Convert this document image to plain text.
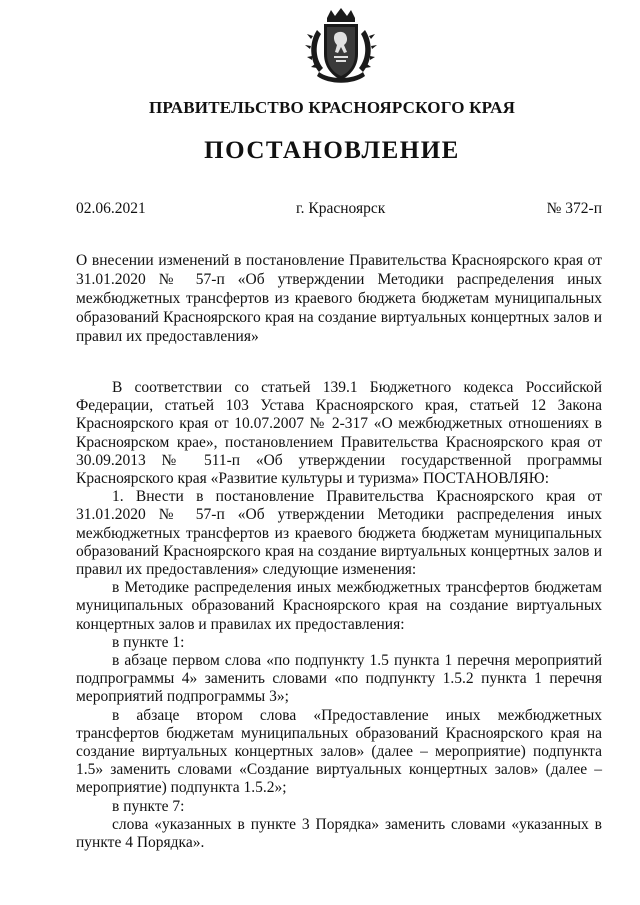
ПРАВИТЕЛЬСТВО КРАСНОЯРСКОГО КРАЯ
ПОСТАНОВЛЕНИЕ
02.06.2021	г. Красноярск	№ 372-п
О внесении изменений в постановление Правительства Красноярского края от 31.01.2020 № 57-п «Об утверждении Методики распределения иных межбюджетных трансфертов из краевого бюджета бюджетам муниципальных образований Красноярского края на создание виртуальных концертных залов и правил их предоставления»

В соответствии со статьей 139.1 Бюджетного кодекса Российской Федерации, статьей 103 Устава Красноярского края, статьей 12 Закона Красноярского края от 10.07.2007 № 2-317 «О межбюджетных отношениях в Красноярском крае», постановлением Правительства Красноярского края от 30.09.2013 № 511-п «Об утверждении государственной программы Красноярского края «Развитие культуры и туризма» ПОСТАНОВЛЯЮ:

1. Внести в постановление Правительства Красноярского края от 31.01.2020 № 57-п «Об утверждении Методики распределения иных межбюджетных трансфертов из краевого бюджета бюджетам муниципальных образований Красноярского края на создание виртуальных концертных залов и правил их предоставления» следующие изменения:

в Методике распределения иных межбюджетных трансфертов бюджетам муниципальных образований Красноярского края на создание виртуальных концертных залов и правилах их предоставления:

в пункте 1:

в абзаце первом слова «по подпункту 1.5 пункта 1 перечня мероприятий подпрограммы 4» заменить словами «по подпункту 1.5.2 пункта 1 перечня мероприятий подпрограммы 3»;

в абзаце втором слова «Предоставление иных межбюджетных трансфертов бюджетам муниципальных образований Красноярского края на создание виртуальных концертных залов» (далее – мероприятие) подпункта 1.5» заменить словами «Создание виртуальных концертных залов» (далее – мероприятие) подпункта 1.5.2»;

в пункте 7:

слова «указанных в пункте 3 Порядка» заменить словами «указанных в пункте 4 Порядка».
